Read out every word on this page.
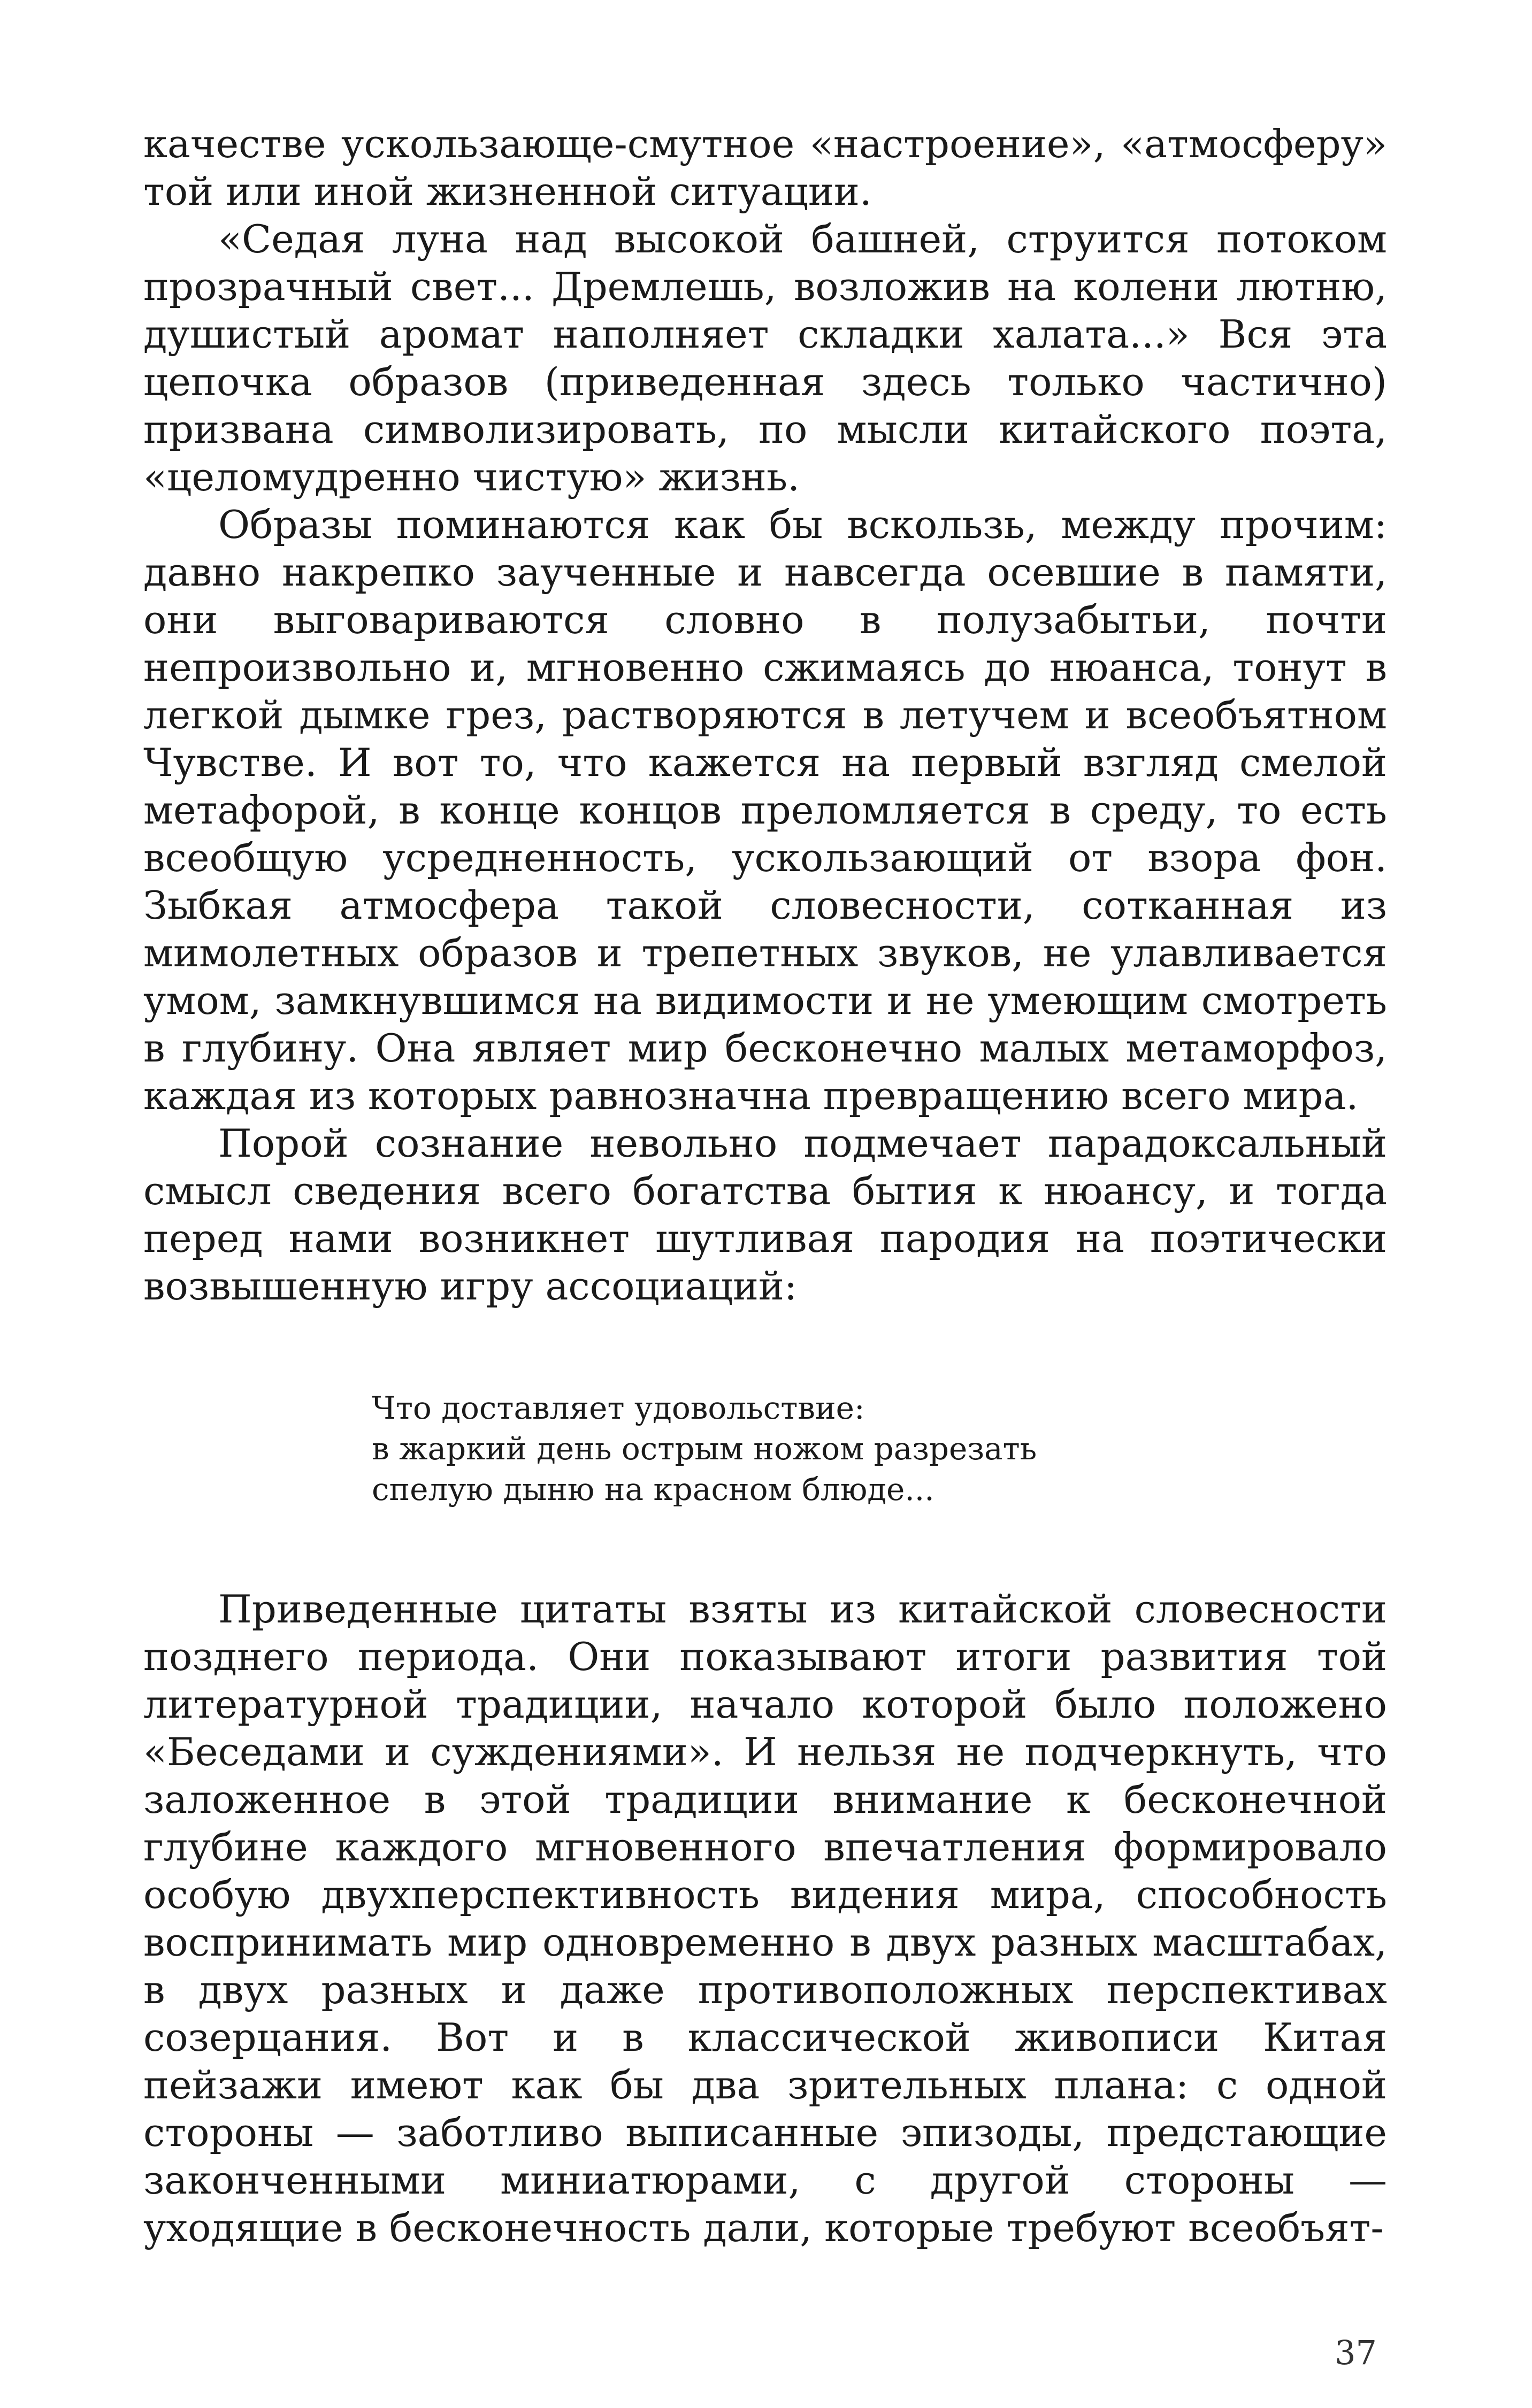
качестве ускользающе-смутное «настроение», «атмосферу» той или иной жизненной ситуации.

«Седая луна над высокой башней, струится потоком прозрачный свет... Дремлешь, возложив на колени лютню, душистый аромат наполняет складки халата...» Вся эта цепочка образов (приведенная здесь только частично) призвана символизировать, по мысли китайского поэта, «целомудренно чистую» жизнь.

Образы поминаются как бы вскользь, между прочим: давно накрепко заученные и навсегда осевшие в памяти, они выговариваются словно в полузабытьи, почти непроизвольно и, мгновенно сжимаясь до нюанса, тонут в легкой дымке грез, растворяются в летучем и всеобъятном Чувстве. И вот то, что кажется на первый взгляд смелой метафорой, в конце концов преломляется в среду, то есть всеобщую усредненность, ускользающий от взора фон. Зыбкая атмосфера такой словесности, сотканная из мимолетных образов и трепетных звуков, не улавливается умом, замкнувшимся на видимости и не умеющим смотреть в глубину. Она являет мир бесконечно малых метаморфоз, каждая из которых равнозначна превращению всего мира.

Порой сознание невольно подмечает парадоксальный смысл сведения всего богатства бытия к нюансу, и тогда перед нами возникнет шутливая пародия на поэтически возвышенную игру ассоциаций:

Что доставляет удовольствие:
в жаркий день острым ножом разрезать
спелую дыню на красном блюде...

Приведенные цитаты взяты из китайской словесности позднего периода. Они показывают итоги развития той литературной традиции, начало которой было положено «Беседами и суждениями». И нельзя не подчеркнуть, что заложенное в этой традиции внимание к бесконечной глубине каждого мгновенного впечатления формировало особую двухперспективность видения мира, способность воспринимать мир одновременно в двух разных масштабах, в двух разных и даже противоположных перспективах созерцания. Вот и в классической живописи Китая пейзажи имеют как бы два зрительных плана: с одной стороны — заботливо выписанные эпизоды, предстающие законченными миниатюрами, с другой стороны — уходящие в бесконечность дали, которые требуют всеобъят-

37
